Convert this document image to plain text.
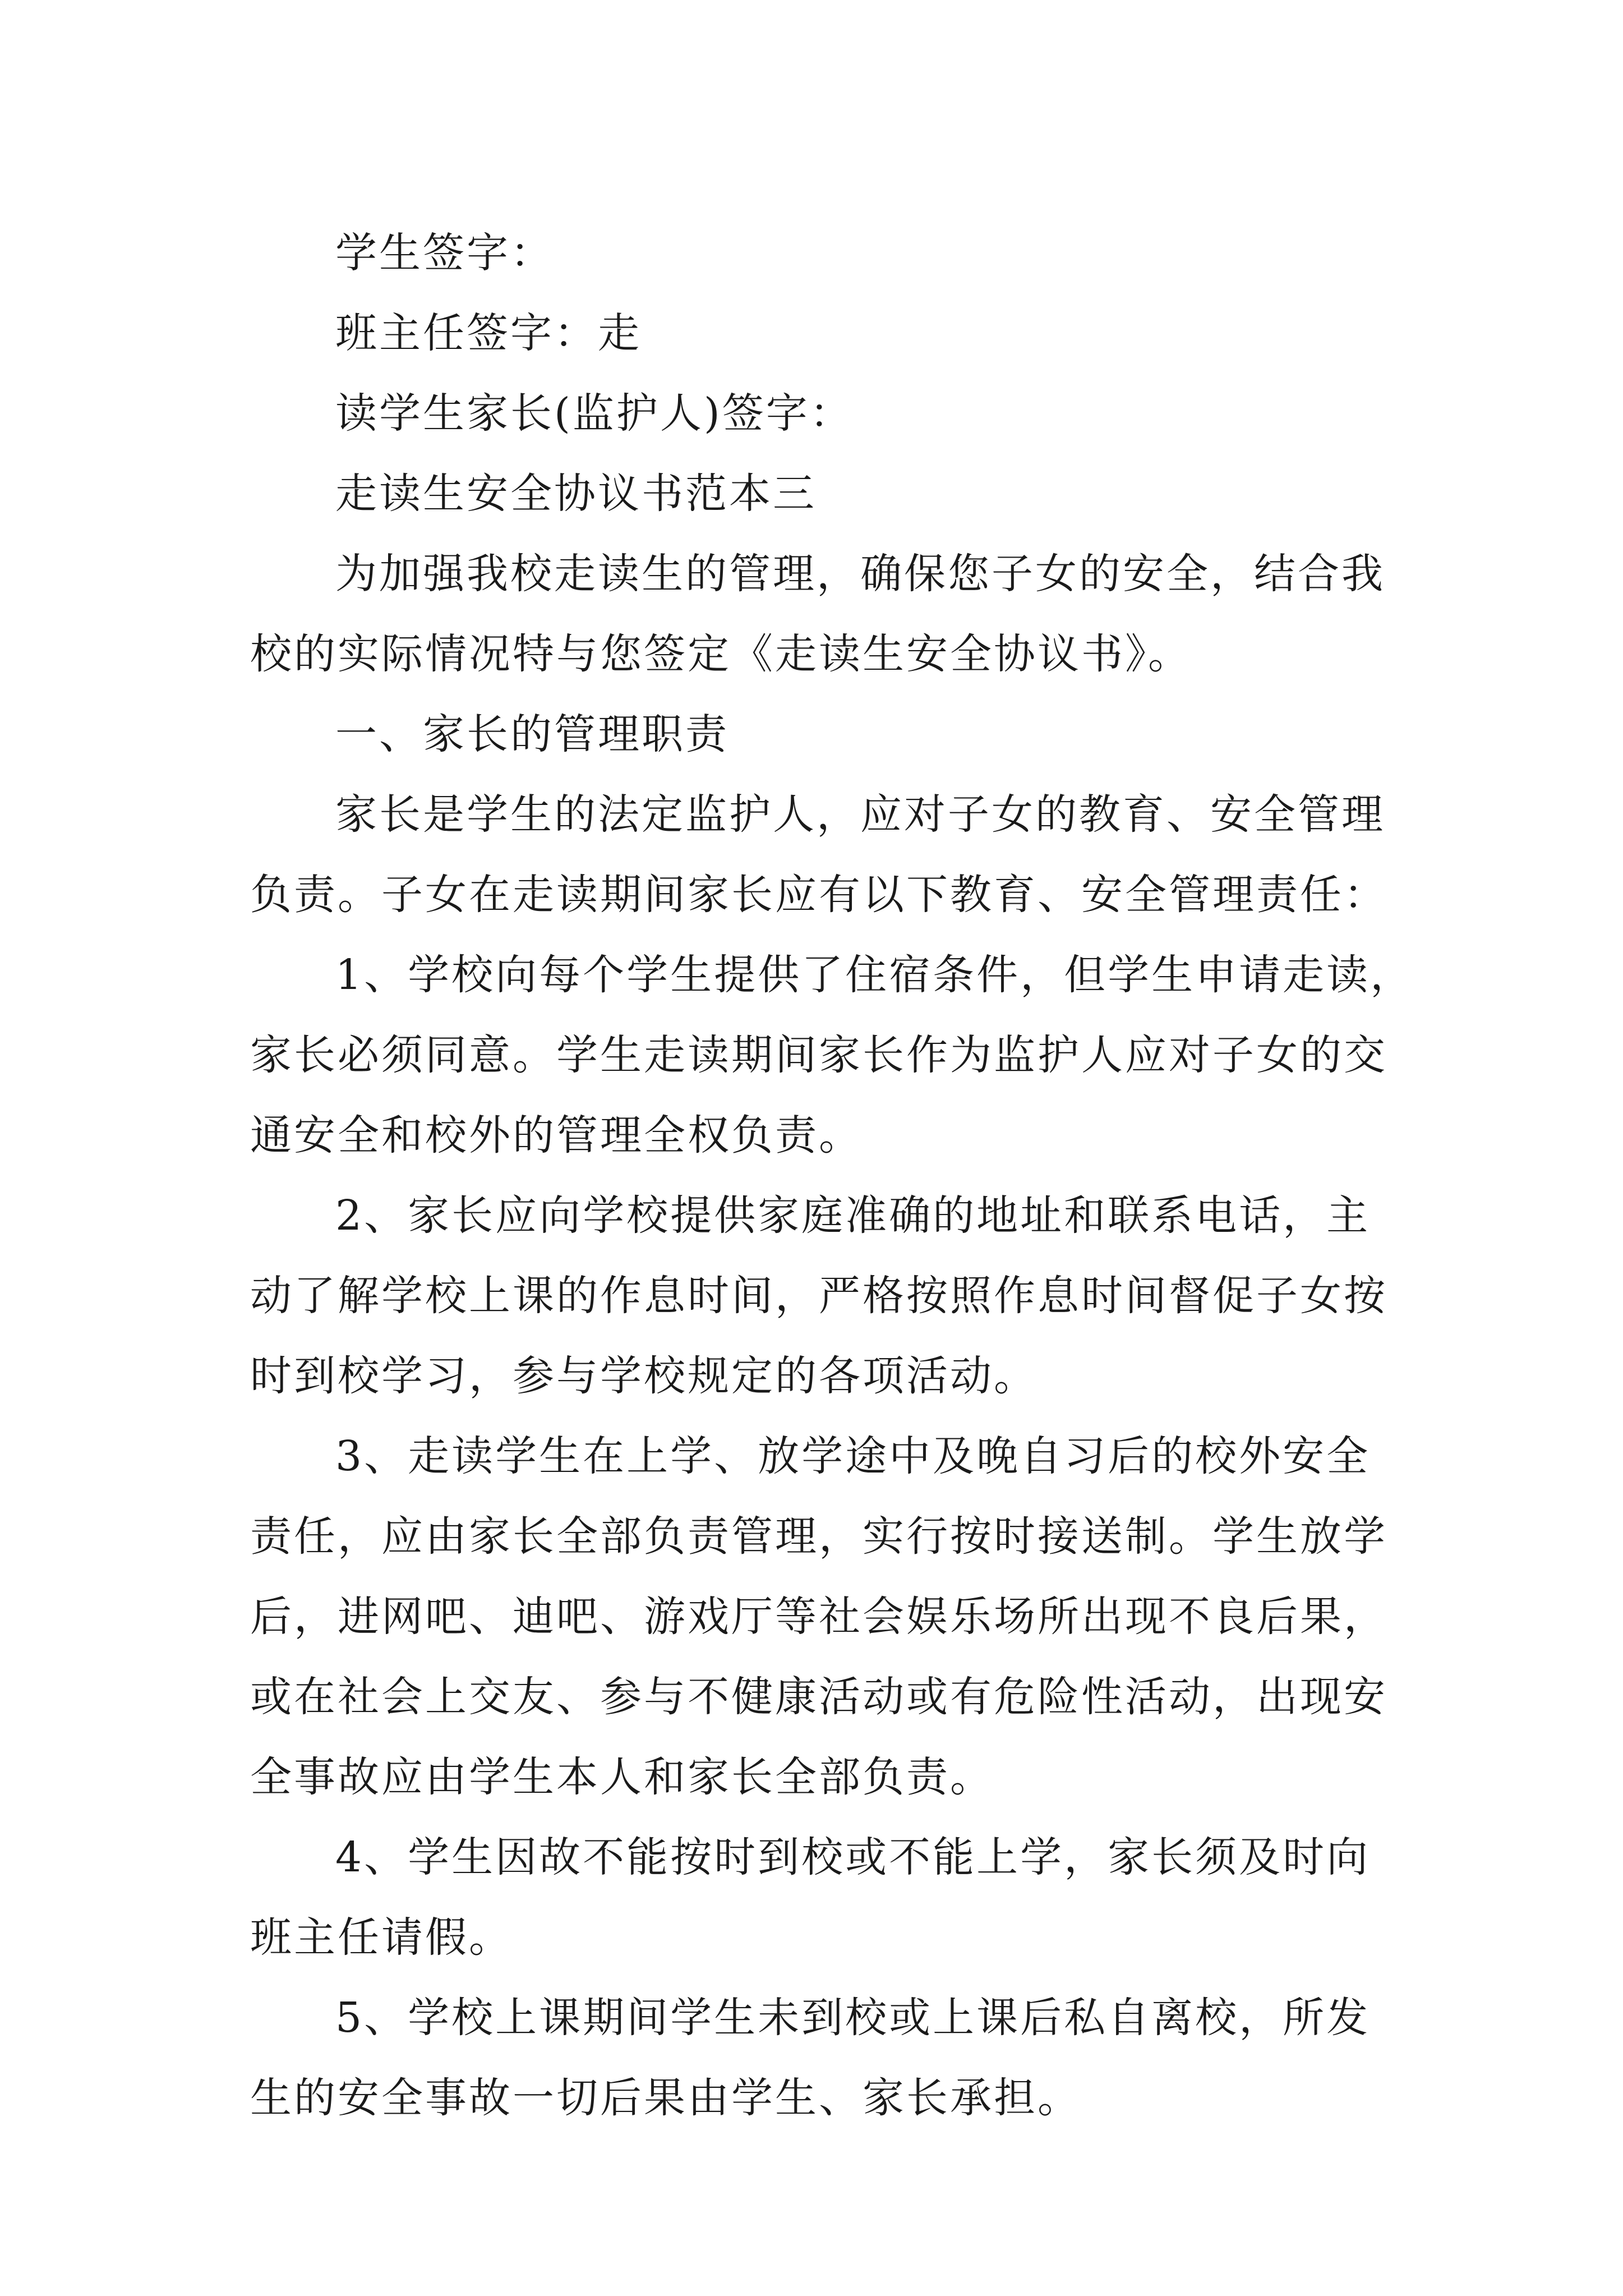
学生签字：
班主任签字：走
读学生家长(监护人)签字：
走读生安全协议书范本三
为加强我校走读生的管理，确保您子女的安全，结合我
校的实际情况特与您签定《走读生安全协议书》。
一、家长的管理职责
家长是学生的法定监护人，应对子女的教育、安全管理
负责。子女在走读期间家长应有以下教育、安全管理责任：
1、学校向每个学生提供了住宿条件，但学生申请走读，
家长必须同意。学生走读期间家长作为监护人应对子女的交
通安全和校外的管理全权负责。
2、家长应向学校提供家庭准确的地址和联系电话，主
动了解学校上课的作息时间，严格按照作息时间督促子女按
时到校学习，参与学校规定的各项活动。
3、走读学生在上学、放学途中及晚自习后的校外安全
责任，应由家长全部负责管理，实行按时接送制。学生放学
后，进网吧、迪吧、游戏厅等社会娱乐场所出现不良后果，
或在社会上交友、参与不健康活动或有危险性活动，出现安
全事故应由学生本人和家长全部负责。
4、学生因故不能按时到校或不能上学，家长须及时向
班主任请假。
5、学校上课期间学生未到校或上课后私自离校，所发
生的安全事故一切后果由学生、家长承担。
